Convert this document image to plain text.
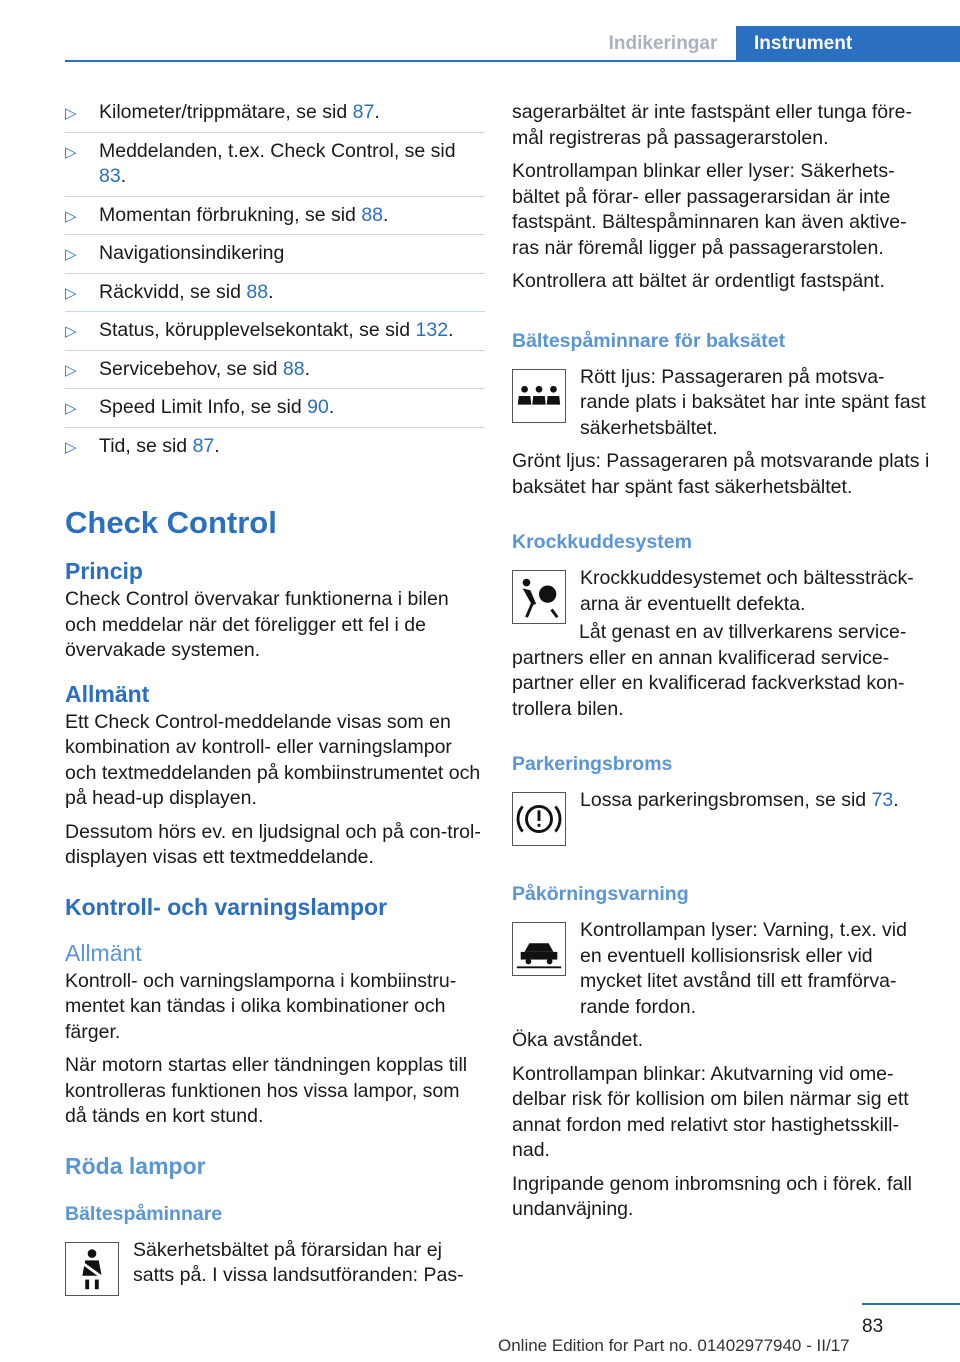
Indikeringar	Instrument
▷ Kilometer/trippmätare, se sid 87.
▷ Meddelanden, t.ex. Check Control, se sid 83.
▷ Momentan förbrukning, se sid 88.
▷ Navigationsindikering
▷ Räckvidd, se sid 88.
▷ Status, körupplevelsekontakt, se sid 132.
▷ Servicebehov, se sid 88.
▷ Speed Limit Info, se sid 90.
▷ Tid, se sid 87.
Check Control
Princip

Check Control övervakar funktionerna i bilen och meddelar när det föreligger ett fel i de övervakade systemen.

Allmänt

Ett Check Control-meddelande visas som en kombination av kontroll- eller varningslampor och textmeddelanden på kombiinstrumentet och på head-up displayen.

Dessutom hörs ev. en ljudsignal och på con‐trol-displayen visas ett textmeddelande.

Kontroll- och varningslampor
Allmänt

Kontroll- och varningslamporna i kombiinstru‐mentet kan tändas i olika kombinationer och färger.

När motorn startas eller tändningen kopplas till kontrolleras funktionen hos vissa lampor, som då tänds en kort stund.

Röda lampor
Bältespåminnare

Säkerhetsbältet på förarsidan har ej satts på. I vissa landsutföranden: Pas‐

sagerarbältet är inte fastspänt eller tunga före‐mål registreras på passagerarstolen.

Kontrollampan blinkar eller lyser: Säkerhets‐bältet på förar- eller passagerarsidan är inte fastspänt. Bältespåminnaren kan även aktive‐ras när föremål ligger på passagerarstolen.

Kontrollera att bältet är ordentligt fastspänt.

Bältespåminnare för baksätet

Rött ljus: Passageraren på motsva‐rande plats i baksätet har inte spänt fast säkerhetsbältet.

Grönt ljus: Passageraren på motsvarande plats i baksätet har spänt fast säkerhetsbältet.

Krockkuddesystem

Krockkuddesystemet och bältessträck‐arna är eventuellt defekta.

Låt genast en av tillverkarens service‐partners eller en annan kvalificerad service‐partner eller en kvalificerad fackverkstad kon‐trollera bilen.

Parkeringsbroms

Lossa parkeringsbromsen, se sid 73.

Påkörningsvarning

Kontrollampan lyser: Varning, t.ex. vid en eventuell kollisionsrisk eller vid mycket litet avstånd till ett framförva‐rande fordon.

Öka avståndet.

Kontrollampan blinkar: Akutvarning vid ome‐delbar risk för kollision om bilen närmar sig ett annat fordon med relativt stor hastighetsskill‐nad.

Ingripande genom inbromsning och i förek. fall undanväjning.

83
Online Edition for Part no. 01402977940 - II/17
